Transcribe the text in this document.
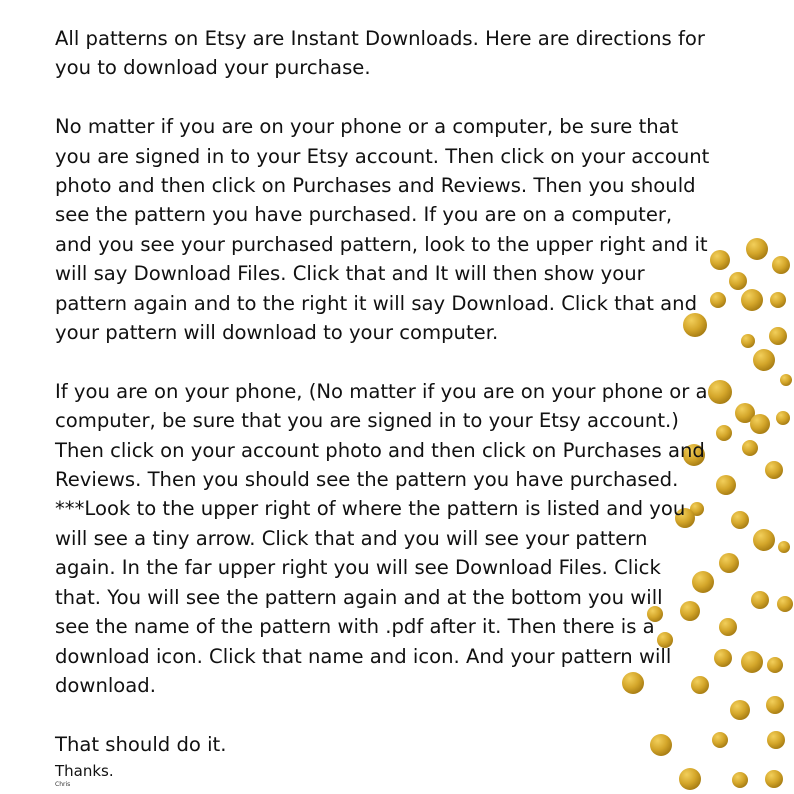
All patterns on Etsy are Instant Downloads. Here are directions for
you to download your purchase.

No matter if you are on your phone or a computer, be sure that
you are signed in to your Etsy account. Then click on your account
photo and then click on Purchases and Reviews. Then you should
see the pattern you have purchased. If you are on a computer,
and you see your purchased pattern, look to the upper right and it
will say Download Files. Click that and It will then show your
pattern again and to the right it will say Download. Click that and
your pattern will download to your computer.

If you are on your phone, (No matter if you are on your phone or a
computer, be sure that you are signed in to your Etsy account.)
Then click on your account photo and then click on Purchases and
Reviews. Then you should see the pattern you have purchased.
***Look to the upper right of where the pattern is listed and you
will see a tiny arrow. Click that and you will see your pattern
again. In the far upper right you will see Download Files. Click
that. You will see the pattern again and at the bottom you will
see the name of the pattern with .pdf after it. Then there is a
download icon. Click that name and icon. And your pattern will
download.

That should do it.

Thanks.

Chris
